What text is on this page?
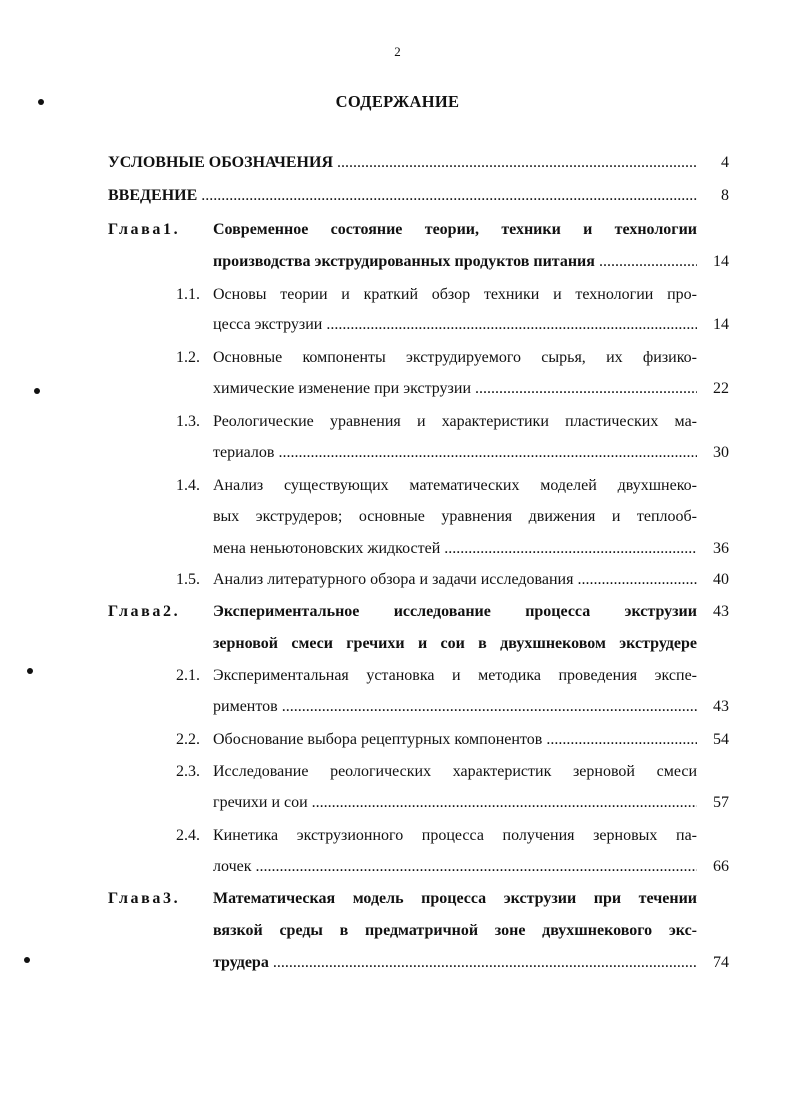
2
СОДЕРЖАНИЕ
УСЛОВНЫЕ ОБОЗНАЧЕНИЯ .....	4
ВВЕДЕНИЕ .....	8
Глава1. Современное состояние теории, техники и технологии
производства экструдированных продуктов питания .....	14
1.1. Основы теории и краткий обзор техники и технологии про-
цесса экструзии .....	14
1.2. Основные компоненты экструдируемого сырья, их физико-
химические изменение при экструзии .....	22
1.3. Реологические уравнения и характеристики пластических ма-
териалов .....	30
1.4. Анализ существующих математических моделей двухшнеко-
вых экструдеров; основные уравнения движения и теплооб-
мена неньютоновских жидкостей .....	36
1.5. Анализ литературного обзора и задачи исследования .....	40
Глава2. Экспериментальное исследование процесса экструзии	43
зерновой смеси гречихи и сои в двухшнековом экструдере
2.1. Экспериментальная установка и методика проведения экспе-
риментов .....	43
2.2. Обоснование выбора рецептурных компонентов .....	54
2.3. Исследование реологических характеристик зерновой смеси
гречихи и сои .....	57
2.4. Кинетика экструзионного процесса получения зерновых па-
лочек .....	66
Глава3. Математическая модель процесса экструзии при течении
вязкой среды в предматричной зоне двухшнекового экс-
трудера .....	74
